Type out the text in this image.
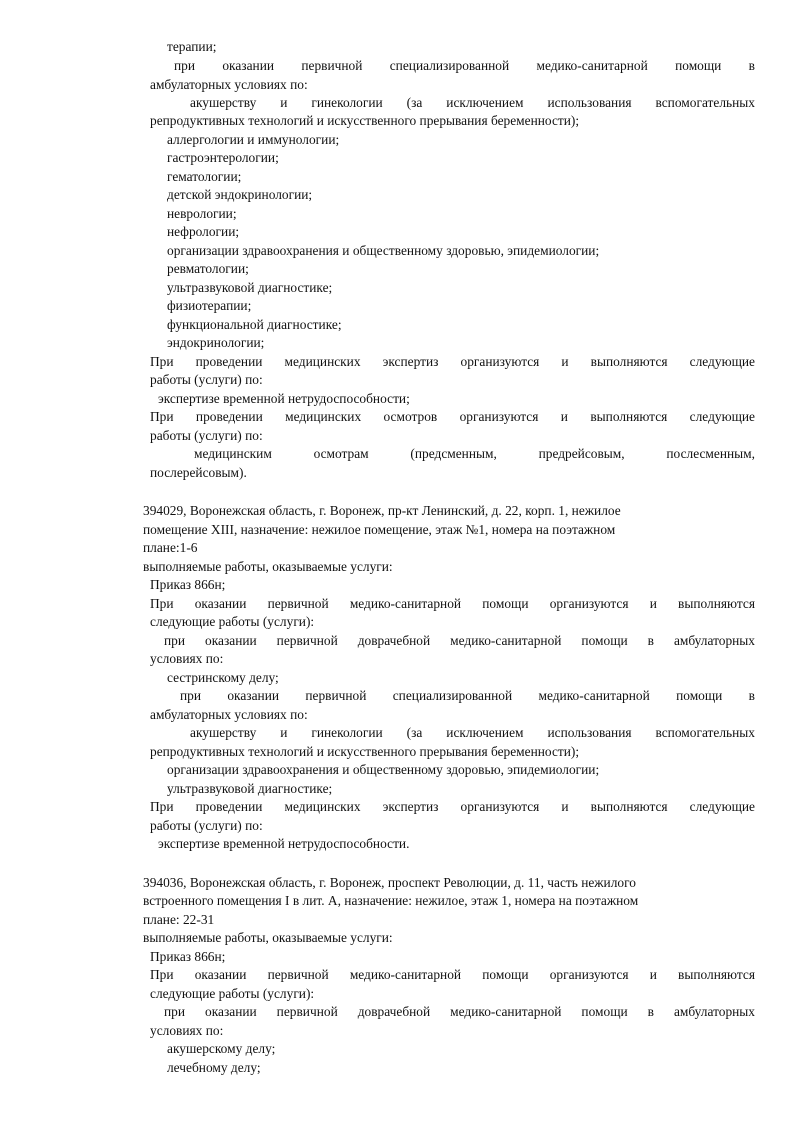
терапии;

при оказании первичной специализированной медико-санитарной помощи в

амбулаторных условиях по:

акушерству и гинекологии (за исключением использования вспомогательных

репродуктивных технологий и искусственного прерывания беременности);

аллергологии и иммунологии;

гастроэнтерологии;

гематологии;

детской эндокринологии;

неврологии;

нефрологии;

организации здравоохранения и общественному здоровью, эпидемиологии;

ревматологии;

ультразвуковой диагностике;

физиотерапии;

функциональной диагностике;

эндокринологии;

При проведении медицинских экспертиз организуются и выполняются следующие

работы (услуги) по:

экспертизе временной нетрудоспособности;

При проведении медицинских осмотров организуются и выполняются следующие

работы (услуги) по:

медицинским осмотрам (предсменным, предрейсовым, послесменным,

послерейсовым).

394029, Воронежская область, г. Воронеж, пр-кт Ленинский, д. 22, корп. 1, нежилое

помещение XIII, назначение: нежилое помещение, этаж №1, номера на поэтажном

плане:1-6

выполняемые работы, оказываемые услуги:

Приказ 866н;

При оказании первичной медико-санитарной помощи организуются и выполняются

следующие работы (услуги):

при оказании первичной доврачебной медико-санитарной помощи в амбулаторных

условиях по:

сестринскому делу;

при оказании первичной специализированной медико-санитарной помощи в

амбулаторных условиях по:

акушерству и гинекологии (за исключением использования вспомогательных

репродуктивных технологий и искусственного прерывания беременности);

организации здравоохранения и общественному здоровью, эпидемиологии;

ультразвуковой диагностике;

При проведении медицинских экспертиз организуются и выполняются следующие

работы (услуги) по:

экспертизе временной нетрудоспособности.

394036, Воронежская область, г. Воронеж, проспект Революции, д. 11, часть нежилого

встроенного помещения I в лит. А, назначение: нежилое, этаж 1, номера на поэтажном

плане: 22-31

выполняемые работы, оказываемые услуги:

Приказ 866н;

При оказании первичной медико-санитарной помощи организуются и выполняются

следующие работы (услуги):

при оказании первичной доврачебной медико-санитарной помощи в амбулаторных

условиях по:

акушерскому делу;

лечебному делу;
